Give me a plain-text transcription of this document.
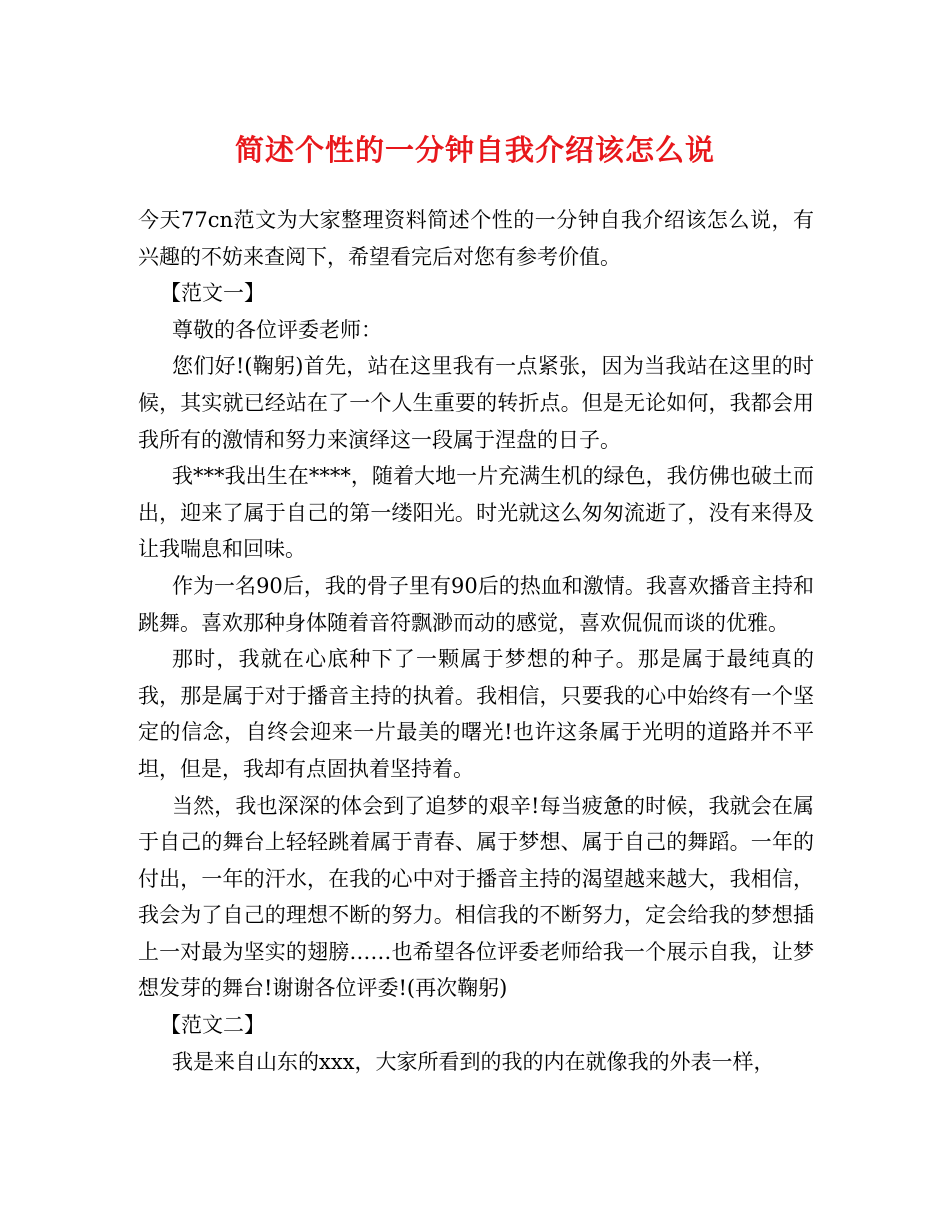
简述个性的一分钟自我介绍该怎么说

今天77cn范文为大家整理资料简述个性的一分钟自我介绍该怎么说，有兴趣的不妨来查阅下，希望看完后对您有参考价值。

【范文一】

尊敬的各位评委老师：

您们好!(鞠躬)首先，站在这里我有一点紧张，因为当我站在这里的时候，其实就已经站在了一个人生重要的转折点。但是无论如何，我都会用我所有的激情和努力来演绎这一段属于涅盘的日子。

我***我出生在****，随着大地一片充满生机的绿色，我仿佛也破土而出，迎来了属于自己的第一缕阳光。时光就这么匆匆流逝了，没有来得及让我喘息和回味。

作为一名90后，我的骨子里有90后的热血和激情。我喜欢播音主持和跳舞。喜欢那种身体随着音符飘渺而动的感觉，喜欢侃侃而谈的优雅。

那时，我就在心底种下了一颗属于梦想的种子。那是属于最纯真的我，那是属于对于播音主持的执着。我相信，只要我的心中始终有一个坚定的信念，自终会迎来一片最美的曙光!也许这条属于光明的道路并不平坦，但是，我却有点固执着坚持着。

当然，我也深深的体会到了追梦的艰辛!每当疲惫的时候，我就会在属于自己的舞台上轻轻跳着属于青春、属于梦想、属于自己的舞蹈。一年的付出，一年的汗水，在我的心中对于播音主持的渴望越来越大，我相信，我会为了自己的理想不断的努力。相信我的不断努力，定会给我的梦想插上一对最为坚实的翅膀……也希望各位评委老师给我一个展示自我，让梦想发芽的舞台!谢谢各位评委!(再次鞠躬)

【范文二】

我是来自山东的xxx，大家所看到的我的内在就像我的外表一样，
